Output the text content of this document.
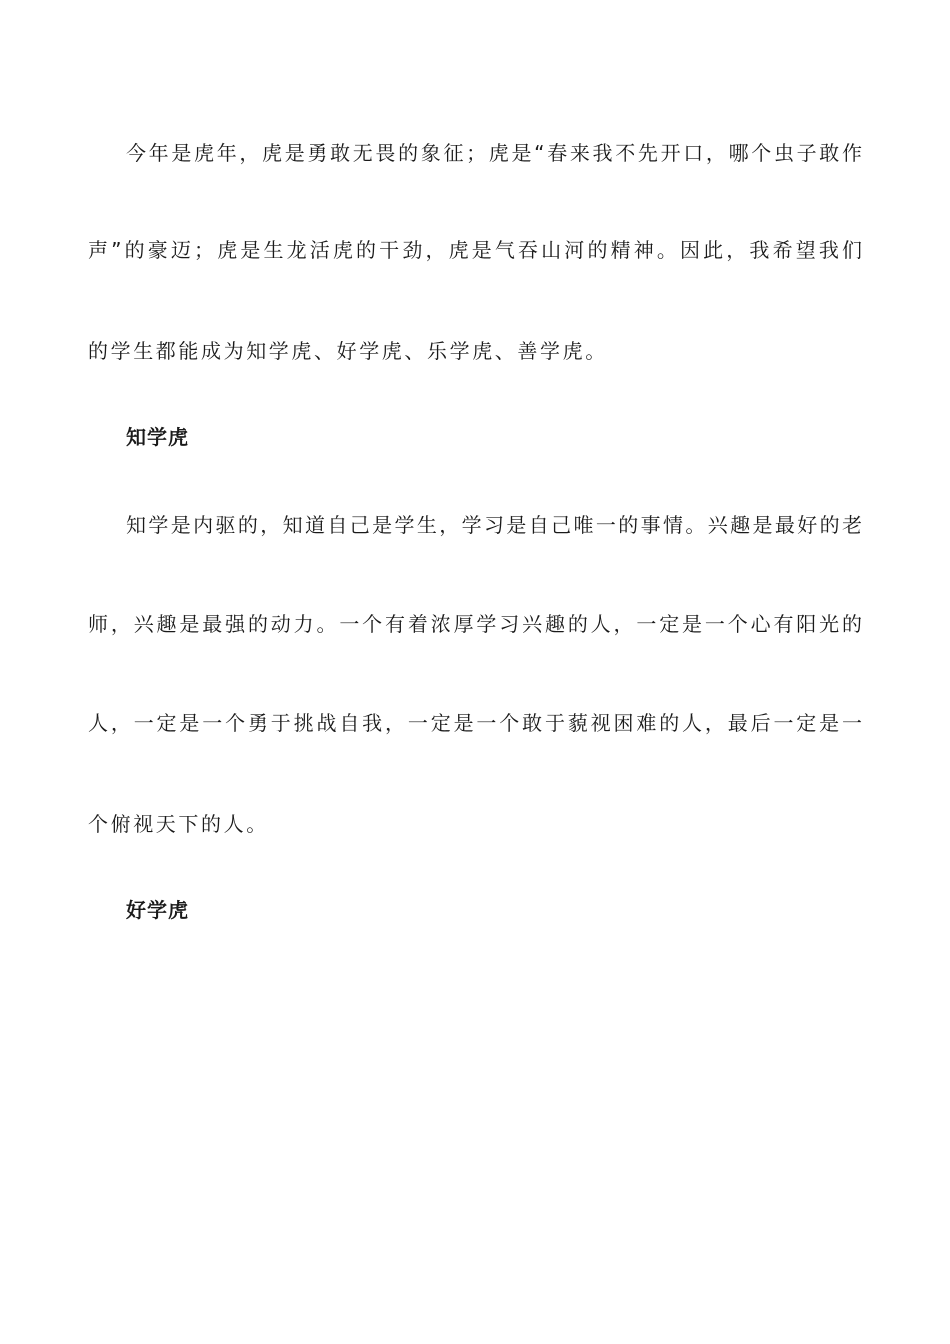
今年是虎年，虎是勇敢无畏的象征；虎是“春来我不先开口，哪个虫子敢作
声”的豪迈；虎是生龙活虎的干劲，虎是气吞山河的精神。因此，我希望我们
的学生都能成为知学虎、好学虎、乐学虎、善学虎。
知学虎
知学是内驱的，知道自己是学生，学习是自己唯一的事情。兴趣是最好的老
师，兴趣是最强的动力。一个有着浓厚学习兴趣的人，一定是一个心有阳光的
人，一定是一个勇于挑战自我，一定是一个敢于藐视困难的人，最后一定是一
个俯视天下的人。
好学虎
